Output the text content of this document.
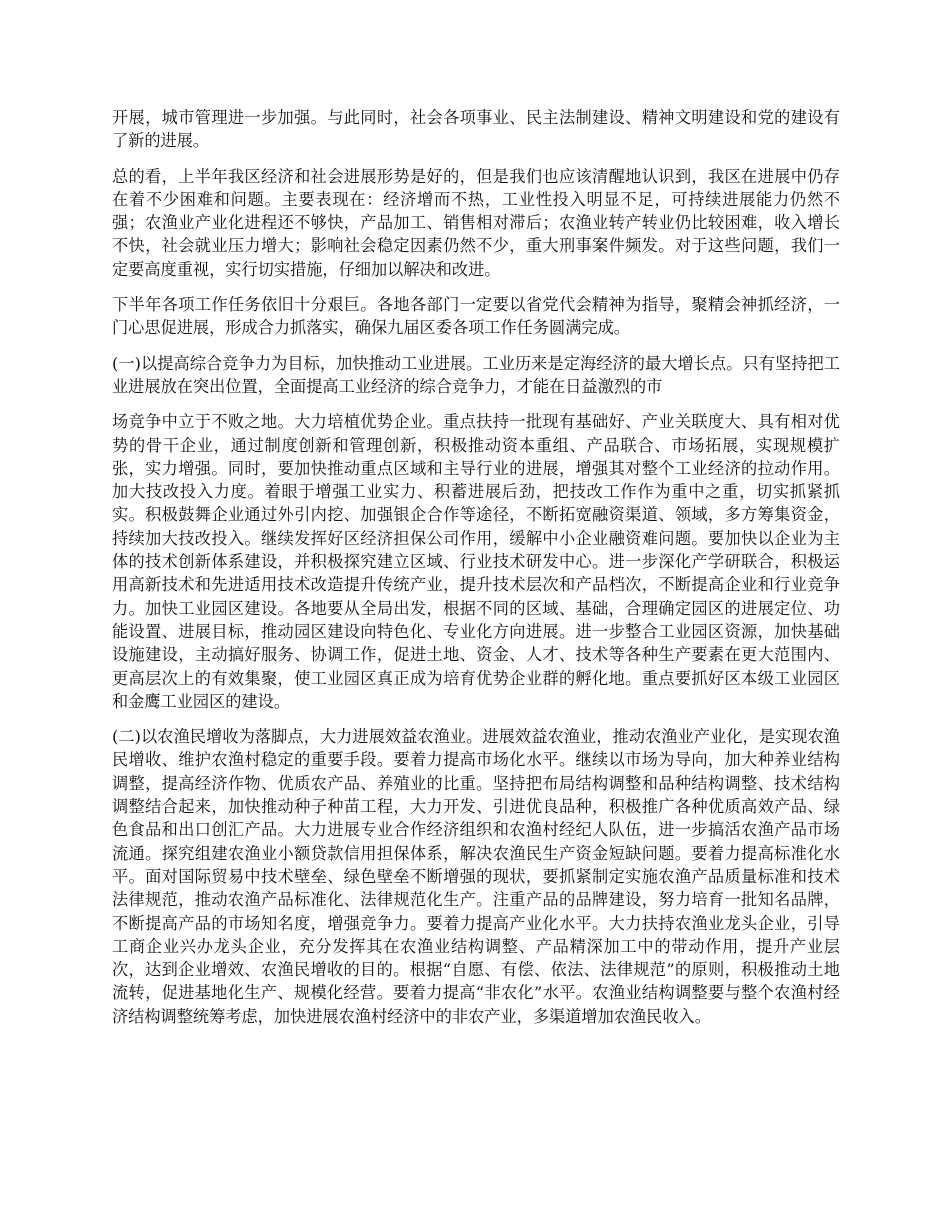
开展，城市管理进一步加强。与此同时，社会各项事业、民主法制建设、精神文明建设和党的建设有了新的进展。

总的看，上半年我区经济和社会进展形势是好的，但是我们也应该清醒地认识到，我区在进展中仍存在着不少困难和问题。主要表现在：经济增而不热，工业性投入明显不足，可持续进展能力仍然不强；农渔业产业化进程还不够快，产品加工、销售相对滞后；农渔业转产转业仍比较困难，收入增长不快，社会就业压力增大；影响社会稳定因素仍然不少，重大刑事案件频发。对于这些问题，我们一定要高度重视，实行切实措施，仔细加以解决和改进。

下半年各项工作任务依旧十分艰巨。各地各部门一定要以省党代会精神为指导，聚精会神抓经济，一门心思促进展，形成合力抓落实，确保九届区委各项工作任务圆满完成。

(一)以提高综合竞争力为目标，加快推动工业进展。工业历来是定海经济的最大增长点。只有坚持把工业进展放在突出位置，全面提高工业经济的综合竞争力，才能在日益激烈的市

场竞争中立于不败之地。大力培植优势企业。重点扶持一批现有基础好、产业关联度大、具有相对优势的骨干企业，通过制度创新和管理创新，积极推动资本重组、产品联合、市场拓展，实现规模扩张，实力增强。同时，要加快推动重点区域和主导行业的进展，增强其对整个工业经济的拉动作用。加大技改投入力度。着眼于增强工业实力、积蓄进展后劲，把技改工作作为重中之重，切实抓紧抓实。积极鼓舞企业通过外引内挖、加强银企合作等途径，不断拓宽融资渠道、领域，多方筹集资金，持续加大技改投入。继续发挥好区经济担保公司作用，缓解中小企业融资难问题。要加快以企业为主体的技术创新体系建设，并积极探究建立区域、行业技术研发中心。进一步深化产学研联合，积极运用高新技术和先进适用技术改造提升传统产业，提升技术层次和产品档次，不断提高企业和行业竞争力。加快工业园区建设。各地要从全局出发，根据不同的区域、基础，合理确定园区的进展定位、功能设置、进展目标，推动园区建设向特色化、专业化方向进展。进一步整合工业园区资源，加快基础设施建设，主动搞好服务、协调工作，促进土地、资金、人才、技术等各种生产要素在更大范围内、更高层次上的有效集聚，使工业园区真正成为培育优势企业群的孵化地。重点要抓好区本级工业园区和金鹰工业园区的建设。

(二)以农渔民增收为落脚点，大力进展效益农渔业。进展效益农渔业，推动农渔业产业化，是实现农渔民增收、维护农渔村稳定的重要手段。要着力提高市场化水平。继续以市场为导向，加大种养业结构调整，提高经济作物、优质农产品、养殖业的比重。坚持把布局结构调整和品种结构调整、技术结构调整结合起来，加快推动种子种苗工程，大力开发、引进优良品种，积极推广各种优质高效产品、绿色食品和出口创汇产品。大力进展专业合作经济组织和农渔村经纪人队伍，进一步搞活农渔产品市场流通。探究组建农渔业小额贷款信用担保体系，解决农渔民生产资金短缺问题。要着力提高标准化水平。面对国际贸易中技术壁垒、绿色壁垒不断增强的现状，要抓紧制定实施农渔产品质量标准和技术法律规范，推动农渔产品标准化、法律规范化生产。注重产品的品牌建设，努力培育一批知名品牌，不断提高产品的市场知名度，增强竞争力。要着力提高产业化水平。大力扶持农渔业龙头企业，引导工商企业兴办龙头企业，充分发挥其在农渔业结构调整、产品精深加工中的带动作用，提升产业层次，达到企业增效、农渔民增收的目的。根据“自愿、有偿、依法、法律规范”的原则，积极推动土地流转，促进基地化生产、规模化经营。要着力提高“非农化”水平。农渔业结构调整要与整个农渔村经济结构调整统筹考虑，加快进展农渔村经济中的非农产业，多渠道增加农渔民收入。
